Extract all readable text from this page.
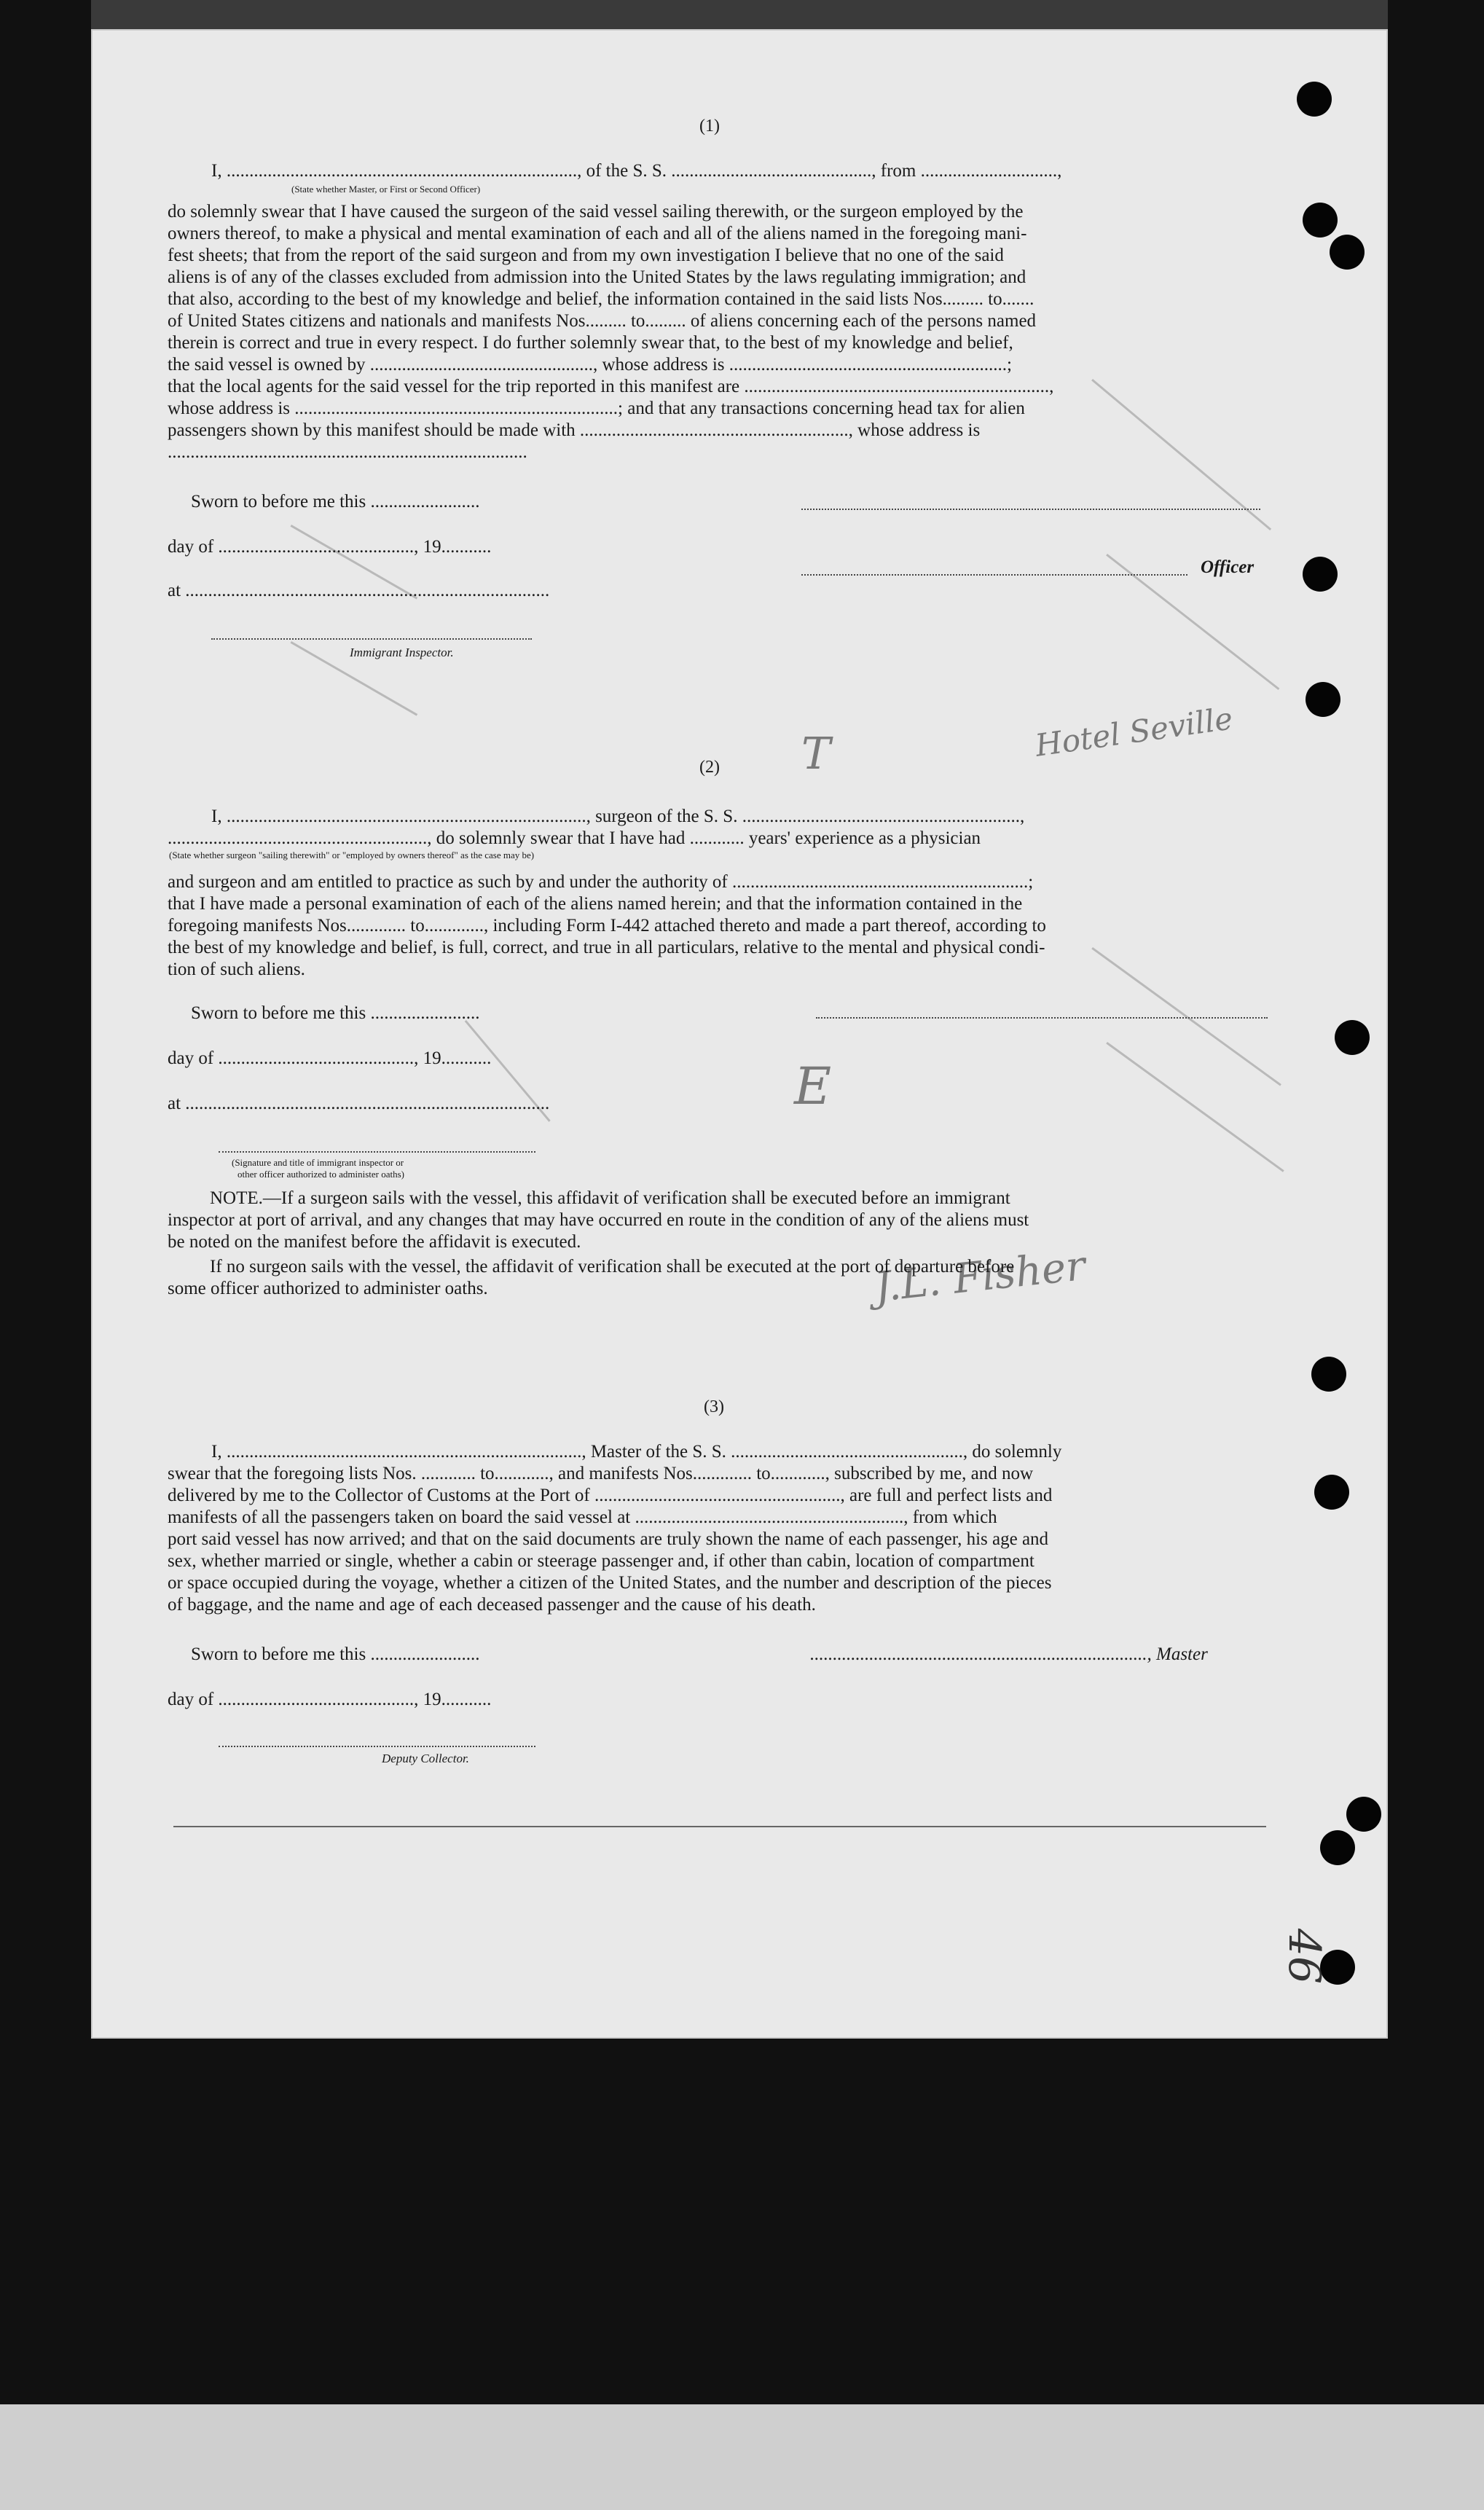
(1)
I, ............................................................................., of the S. S. ............................................, from ..............................,
(State whether Master, or First or Second Officer)
do solemnly swear that I have caused the surgeon of the said vessel sailing therewith, or the surgeon employed by the
owners thereof, to make a physical and mental examination of each and all of the aliens named in the foregoing mani-
fest sheets; that from the report of the said surgeon and from my own investigation I believe that no one of the said
aliens is of any of the classes excluded from admission into the United States by the laws regulating immigration; and
that also, according to the best of my knowledge and belief, the information contained in the said lists Nos......... to.......
of United States citizens and nationals and manifests Nos......... to......... of aliens concerning each of the persons named
therein is correct and true in every respect. I do further solemnly swear that, to the best of my knowledge and belief,
the said vessel is owned by ................................................., whose address is .............................................................;
that the local agents for the said vessel for the trip reported in this manifest are ...................................................................,
whose address is .......................................................................; and that any transactions concerning head tax for alien
passengers shown by this manifest should be made with ..........................................................., whose address is
...............................................................................
Sworn to before me this ........................
day of ..........................................., 19...........
at ................................................................................
Immigrant Inspector.
Officer
Hotel Seville
T
E
J.L. Fisher
(2)
I, ..............................................................................., surgeon of the S. S. .............................................................,
........................................................., do solemnly swear that I have had ............ years' experience as a physician
(State whether surgeon "sailing therewith" or "employed by owners thereof" as the case may be)
and surgeon and am entitled to practice as such by and under the authority of .................................................................;
that I have made a personal examination of each of the aliens named herein; and that the information contained in the
foregoing manifests Nos............. to............., including Form I-442 attached thereto and made a part thereof, according to
the best of my knowledge and belief, is full, correct, and true in all particulars, relative to the mental and physical condi-
tion of such aliens.
Sworn to before me this ........................
day of ..........................................., 19...........
at ................................................................................
(Signature and title of immigrant inspector or
other officer authorized to administer oaths)
NOTE.—If a surgeon sails with the vessel, this affidavit of verification shall be executed before an immigrant
inspector at port of arrival, and any changes that may have occurred en route in the condition of any of the aliens must
be noted on the manifest before the affidavit is executed.
If no surgeon sails with the vessel, the affidavit of verification shall be executed at the port of departure before
some officer authorized to administer oaths.
(3)
I, .............................................................................., Master of the S. S. ..................................................., do solemnly
swear that the foregoing lists Nos. ............ to............, and manifests Nos............. to............, subscribed by me, and now
delivered by me to the Collector of Customs at the Port of ......................................................, are full and perfect lists and
manifests of all the passengers taken on board the said vessel at ..........................................................., from which
port said vessel has now arrived; and that on the said documents are truly shown the name of each passenger, his age and
sex, whether married or single, whether a cabin or steerage passenger and, if other than cabin, location of compartment
or space occupied during the voyage, whether a citizen of the United States, and the number and description of the pieces
of baggage, and the name and age of each deceased passenger and the cause of his death.
Sworn to before me this ........................	.........................................................................., Master
day of ..........................................., 19...........
Deputy Collector.
46
